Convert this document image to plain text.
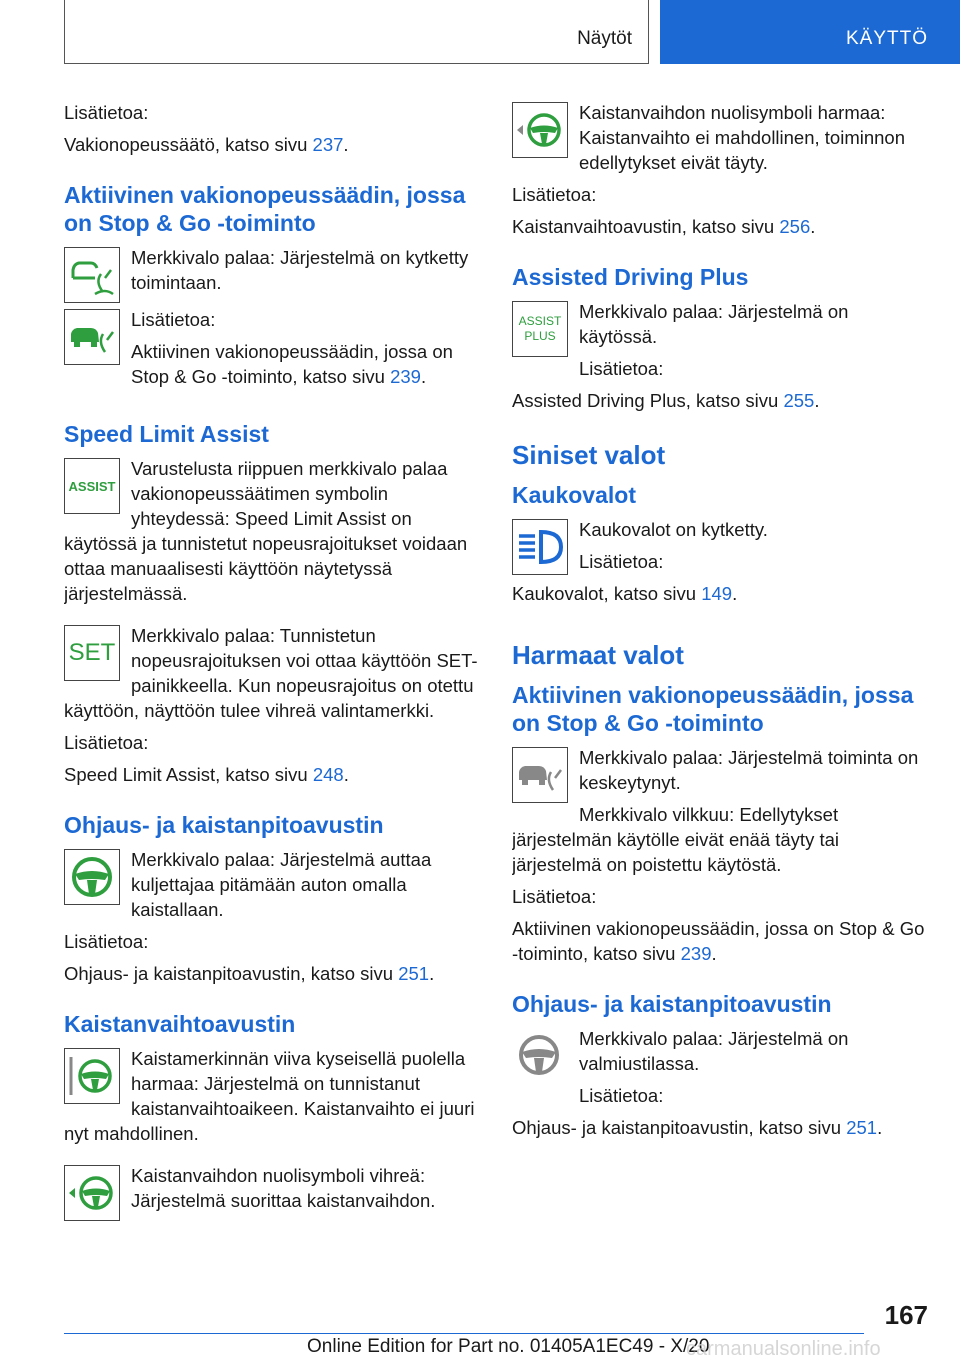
Näytöt	KÄYTTÖ

Lisätietoa:

Vakionopeussäätö, katso sivu 237.

Aktiivinen vakionopeussäädin, jossa on Stop & Go -toiminto

Merkkivalo palaa: Järjestelmä on kytketty toimintaan.

Lisätietoa:

Aktiivinen vakionopeussäädin, jossa on Stop & Go -toiminto, katso sivu 239.

Speed Limit Assist
ASSIST

Varustelusta riippuen merkkivalo palaa vakionopeussäätimen symbolin yhteydessä: Speed Limit Assist on käytössä ja tunnistetut nopeusrajoitukset voidaan ottaa manuaalisesti käyttöön näytetyssä järjestelmässä.

SET

Merkkivalo palaa: Tunnistetun nopeusrajoituksen voi ottaa käyttöön SET-painikkeella. Kun nopeusrajoitus on otettu käyttöön, näyttöön tulee vihreä valintamerkki.

Lisätietoa:

Speed Limit Assist, katso sivu 248.

Ohjaus- ja kaistanpitoavustin

Merkkivalo palaa: Järjestelmä auttaa kuljettajaa pitämään auton omalla kaistallaan.

Lisätietoa:

Ohjaus- ja kaistanpitoavustin, katso sivu 251.

Kaistanvaihtoavustin

Kaistamerkinnän viiva kyseisellä puolella harmaa: Järjestelmä on tunnistanut kaistanvaihtoaikeen. Kaistanvaihto ei juuri nyt mahdollinen.

Kaistanvaihdon nuolisymboli vihreä: Järjestelmä suorittaa kaistanvaihdon.

Kaistanvaihdon nuolisymboli harmaa: Kaistanvaihto ei mahdollinen, toiminnon edellytykset eivät täyty.

Lisätietoa:

Kaistanvaihtoavustin, katso sivu 256.

Assisted Driving Plus
ASSIST
PLUS

Merkkivalo palaa: Järjestelmä on käytössä.

Lisätietoa:

Assisted Driving Plus, katso sivu 255.

Siniset valot
Kaukovalot

Kaukovalot on kytketty.

Lisätietoa:

Kaukovalot, katso sivu 149.

Harmaat valot
Aktiivinen vakionopeussäädin, jossa on Stop & Go -toiminto

Merkkivalo palaa: Järjestelmä toiminta on keskeytynyt.

Merkkivalo vilkkuu: Edellytykset järjestelmän käytölle eivät enää täyty tai järjestelmä on poistettu käytöstä.

Lisätietoa:

Aktiivinen vakionopeussäädin, jossa on Stop & Go -toiminto, katso sivu 239.

Ohjaus- ja kaistanpitoavustin

Merkkivalo palaa: Järjestelmä on valmiustilassa.

Lisätietoa:

Ohjaus- ja kaistanpitoavustin, katso sivu 251.

167
Online Edition for Part no. 01405A1EC49 - X/20
carmanualsonline.info
